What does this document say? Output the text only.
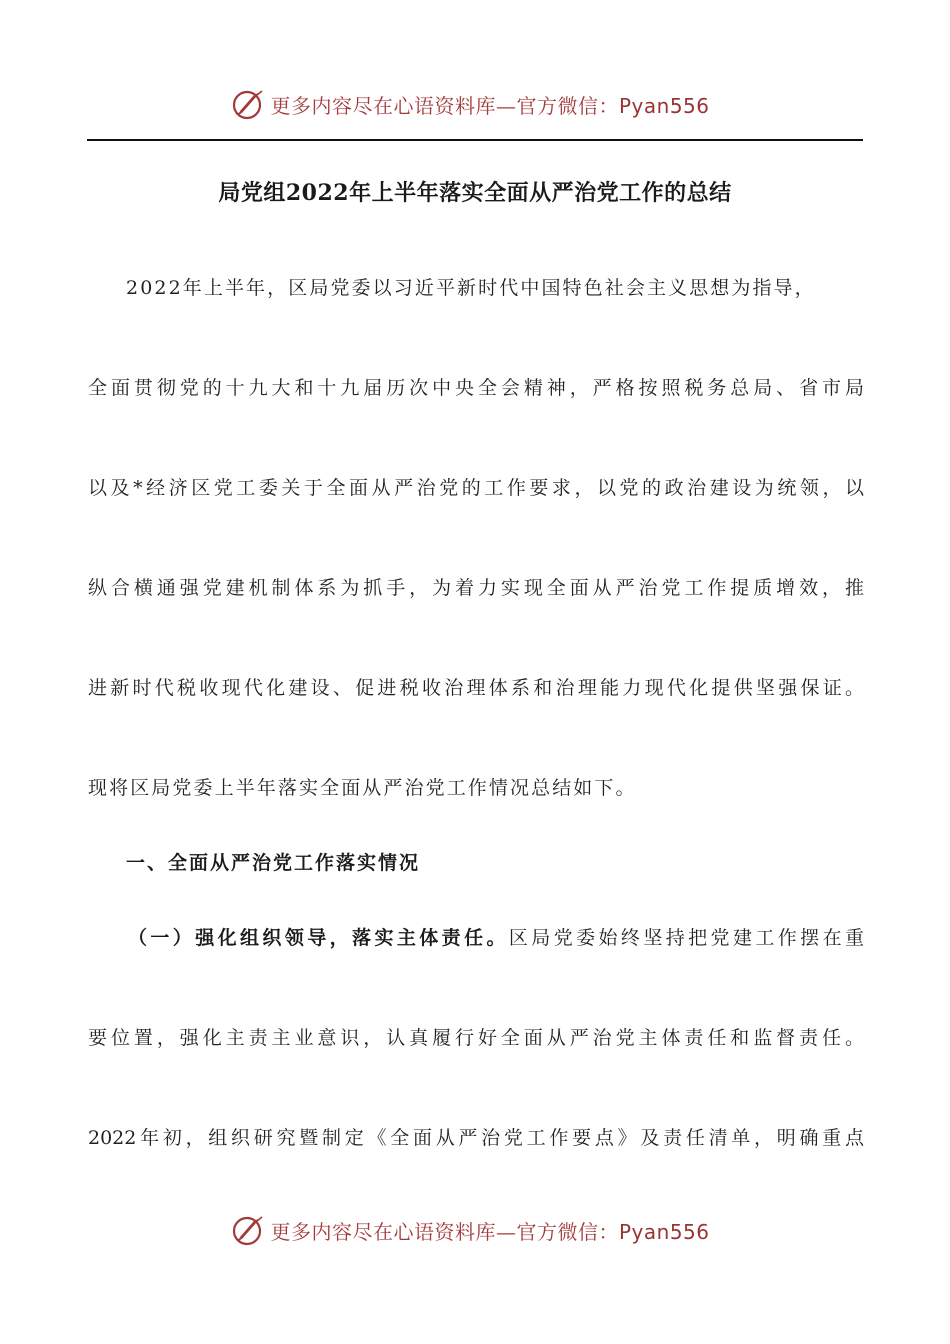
更多内容尽在心语资料库—官方微信：Pyan556
局党组2022年上半年落实全面从严治党工作的总结
2022年上半年，区局党委以习近平新时代中国特色社会主义思想为指导，
全面贯彻党的十九大和十九届历次中央全会精神，严格按照税务总局、省市局
以及*经济区党工委关于全面从严治党的工作要求，以党的政治建设为统领，以
纵合横通强党建机制体系为抓手，为着力实现全面从严治党工作提质增效，推
进新时代税收现代化建设、促进税收治理体系和治理能力现代化提供坚强保证。
现将区局党委上半年落实全面从严治党工作情况总结如下。
一、全面从严治党工作落实情况
（一）强化组织领导，落实主体责任。区局党委始终坚持把党建工作摆在重
要位置，强化主责主业意识，认真履行好全面从严治党主体责任和监督责任。
2022年初，组织研究暨制定《全面从严治党工作要点》及责任清单，明确重点
更多内容尽在心语资料库—官方微信：Pyan556
